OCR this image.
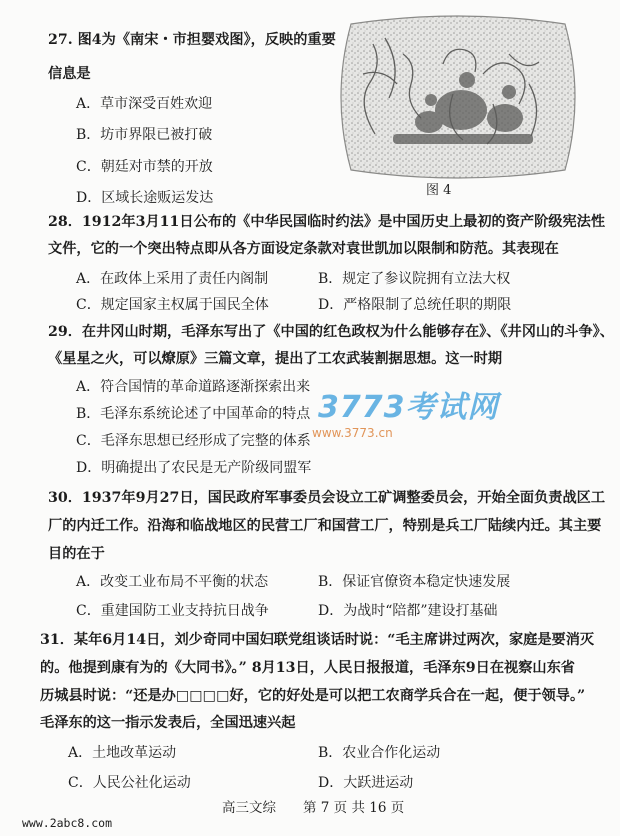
27. 图4为《南宋・市担婴戏图》，反映的重要
信息是
A．草市深受百姓欢迎
B．坊市界限已被打破
C．朝廷对市禁的开放
D．区域长途贩运发达	图 4
28．1912年3月11日公布的《中华民国临时约法》是中国历史上最初的资产阶级宪法性
文件，它的一个突出特点即从各方面设定条款对袁世凯加以限制和防范。其表现在
A．在政体上采用了责任内阁制	B．规定了参议院拥有立法大权
C．规定国家主权属于国民全体	D．严格限制了总统任职的期限
29．在井冈山时期，毛泽东写出了《中国的红色政权为什么能够存在》、《井冈山的斗争》、
《星星之火，可以燎原》三篇文章，提出了工农武装割据思想。这一时期
A．符合国情的革命道路逐渐探索出来
B．毛泽东系统论述了中国革命的特点
C．毛泽东思想已经形成了完整的体系
D．明确提出了农民是无产阶级同盟军
3773考试网
www.3773.cn
30．1937年9月27日，国民政府军事委员会设立工矿调整委员会，开始全面负责战区工
厂的内迁工作。沿海和临战地区的民营工厂和国营工厂，特别是兵工厂陆续内迁。其主要
目的在于
A．改变工业布局不平衡的状态	B．保证官僚资本稳定快速发展
C．重建国防工业支持抗日战争	D．为战时“陪都”建设打基础
31．某年6月14日，刘少奇同中国妇联党组谈话时说：“毛主席讲过两次，家庭是要消灭
的。他提到康有为的《大同书》。” 8月13日，人民日报报道，毛泽东9日在视察山东省
历城县时说：“还是办□□□□好，它的好处是可以把工农商学兵合在一起，便于领导。”
毛泽东的这一指示发表后，全国迅速兴起
A．土地改革运动	B．农业合作化运动
C．人民公社化运动	D．大跃进运动
高三文综　　第 7 页 共 16 页
www.2abc8.com
